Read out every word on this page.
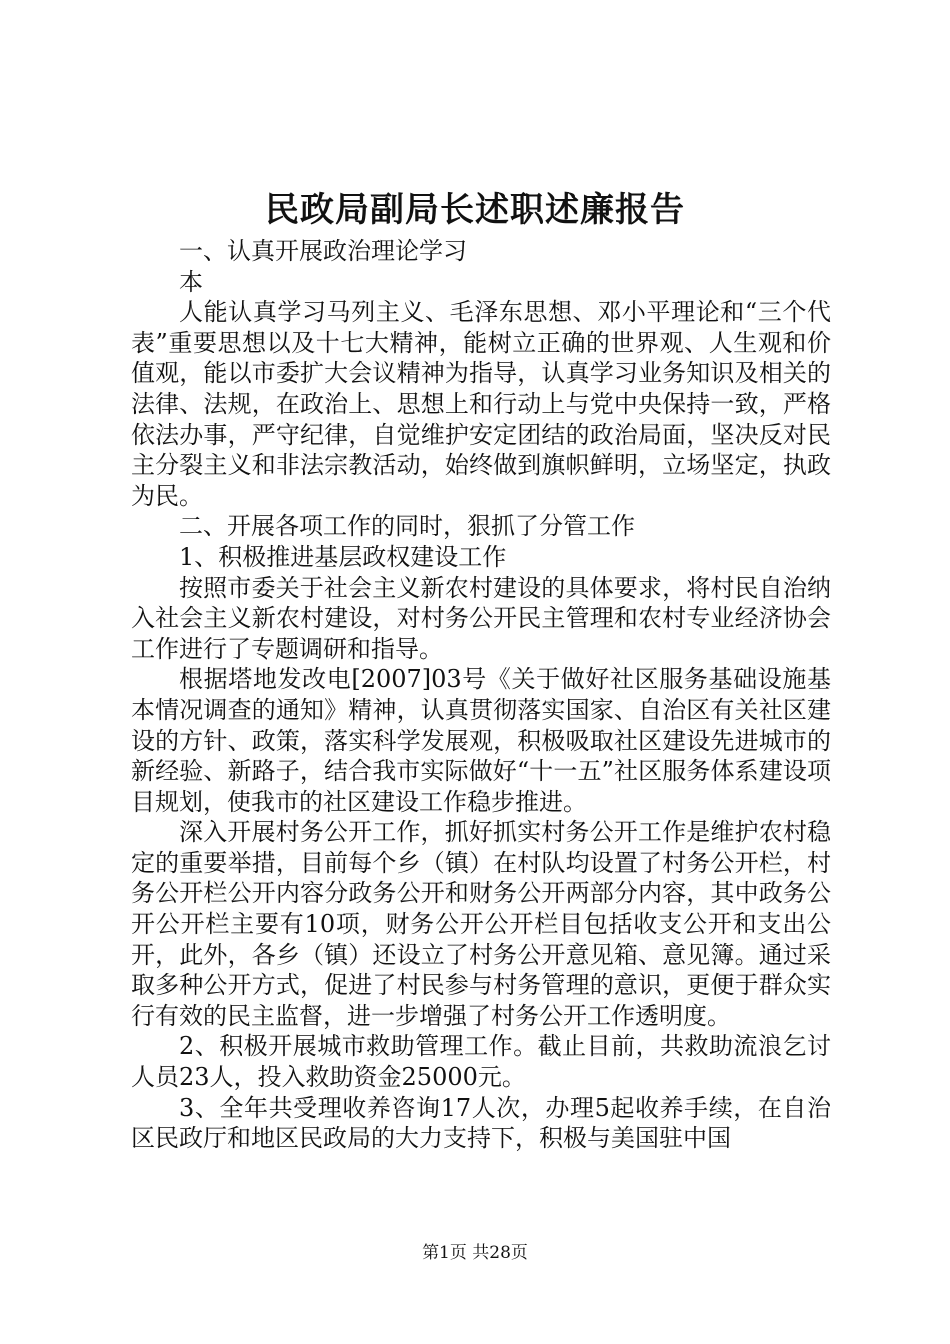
民政局副局长述职述廉报告

一、认真开展政治理论学习

本

人能认真学习马列主义、毛泽东思想、邓小平理论和“三个代表”重要思想以及十七大精神，能树立正确的世界观、人生观和价值观，能以市委扩大会议精神为指导，认真学习业务知识及相关的法律、法规，在政治上、思想上和行动上与党中央保持一致，严格依法办事，严守纪律，自觉维护安定团结的政治局面，坚决反对民主分裂主义和非法宗教活动，始终做到旗帜鲜明，立场坚定，执政为民。

二、开展各项工作的同时，狠抓了分管工作

1、积极推进基层政权建设工作

按照市委关于社会主义新农村建设的具体要求，将村民自治纳入社会主义新农村建设，对村务公开民主管理和农村专业经济协会工作进行了专题调研和指导。

根据塔地发改电[2007]03号《关于做好社区服务基础设施基本情况调查的通知》精神，认真贯彻落实国家、自治区有关社区建设的方针、政策，落实科学发展观，积极吸取社区建设先进城市的新经验、新路子，结合我市实际做好“十一五”社区服务体系建设项目规划，使我市的社区建设工作稳步推进。

深入开展村务公开工作，抓好抓实村务公开工作是维护农村稳定的重要举措，目前每个乡（镇）在村队均设置了村务公开栏，村务公开栏公开内容分政务公开和财务公开两部分内容，其中政务公开公开栏主要有10项，财务公开公开栏目包括收支公开和支出公开，此外，各乡（镇）还设立了村务公开意见箱、意见簿。通过采取多种公开方式，促进了村民参与村务管理的意识，更便于群众实行有效的民主监督，进一步增强了村务公开工作透明度。

2、积极开展城市救助管理工作。截止目前，共救助流浪乞讨人员23人，投入救助资金25000元。

3、全年共受理收养咨询17人次，办理5起收养手续，在自治区民政厅和地区民政局的大力支持下，积极与美国驻中国

第1页 共28页
